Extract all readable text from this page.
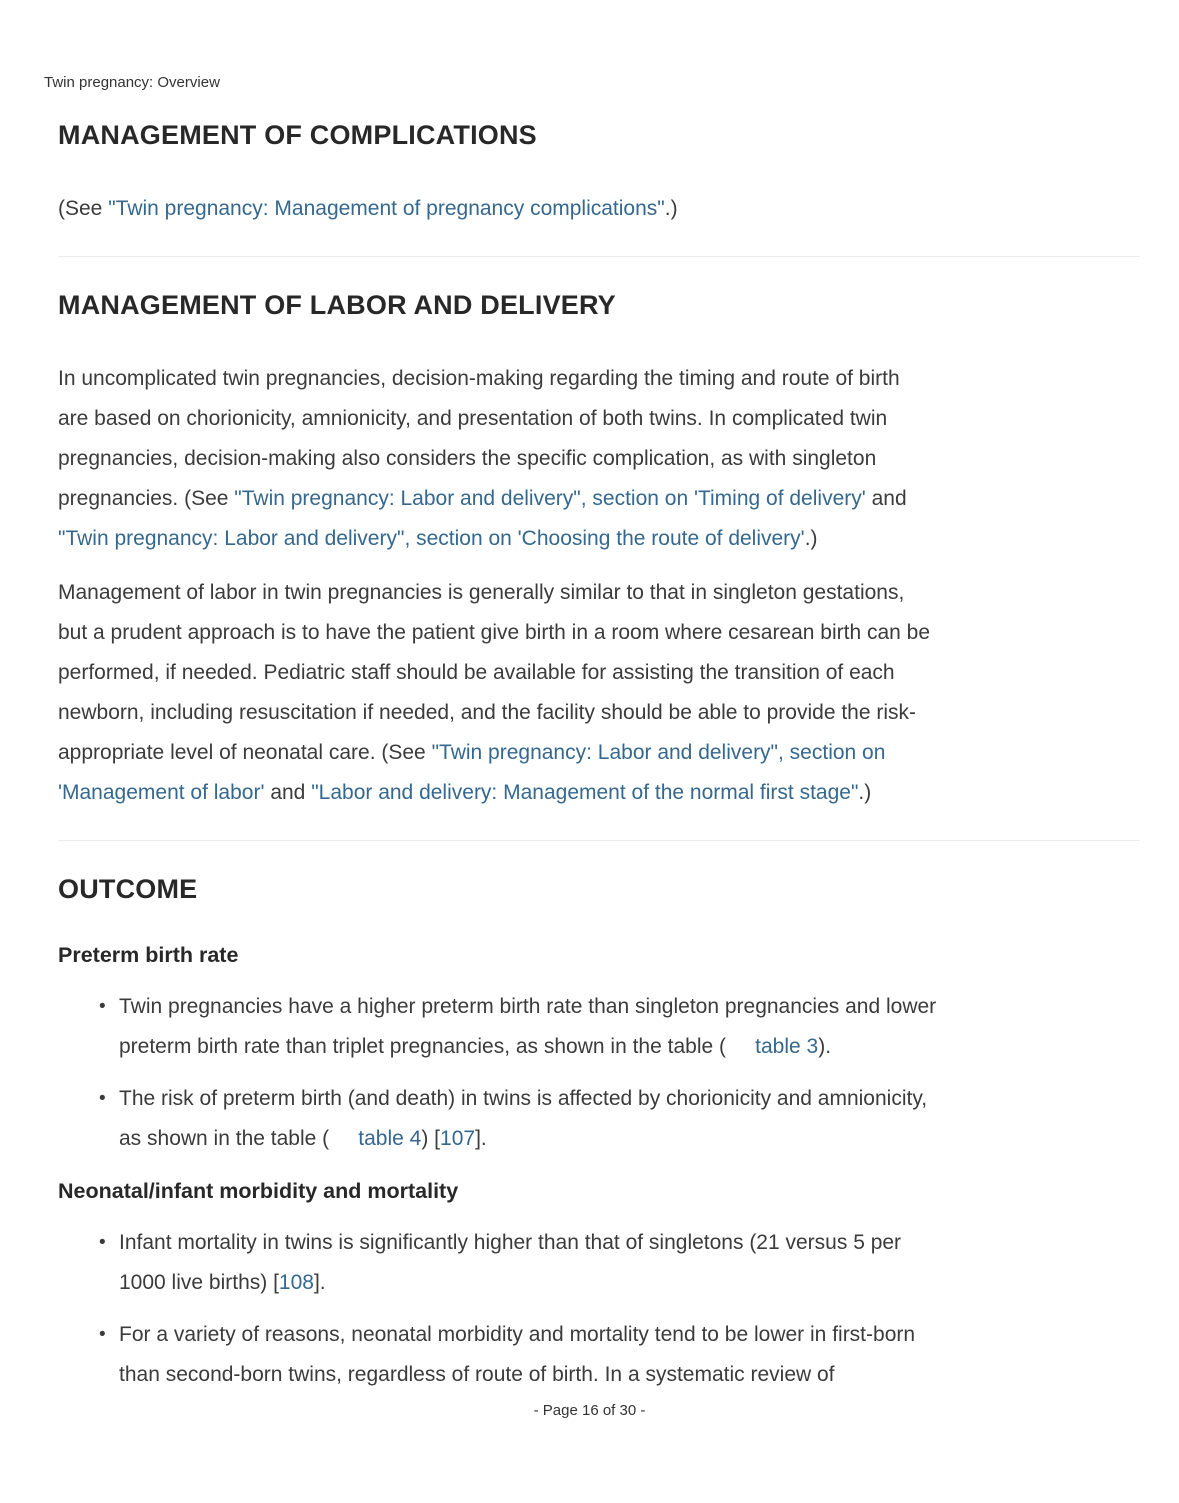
Twin pregnancy: Overview
MANAGEMENT OF COMPLICATIONS

(See "Twin pregnancy: Management of pregnancy complications".)

MANAGEMENT OF LABOR AND DELIVERY

In uncomplicated twin pregnancies, decision-making regarding the timing and route of birth
are based on chorionicity, amnionicity, and presentation of both twins. In complicated twin
pregnancies, decision-making also considers the specific complication, as with singleton
pregnancies. (See "Twin pregnancy: Labor and delivery", section on 'Timing of delivery' and
"Twin pregnancy: Labor and delivery", section on 'Choosing the route of delivery'.)

Management of labor in twin pregnancies is generally similar to that in singleton gestations,
but a prudent approach is to have the patient give birth in a room where cesarean birth can be
performed, if needed. Pediatric staff should be available for assisting the transition of each
newborn, including resuscitation if needed, and the facility should be able to provide the risk-
appropriate level of neonatal care. (See "Twin pregnancy: Labor and delivery", section on
'Management of labor' and "Labor and delivery: Management of the normal first stage".)

OUTCOME
Preterm birth rate
• Twin pregnancies have a higher preterm birth rate than singleton pregnancies and lower
preterm birth rate than triplet pregnancies, as shown in the table (     table 3).
• The risk of preterm birth (and death) in twins is affected by chorionicity and amnionicity,
as shown in the table (     table 4) [107].
Neonatal/infant morbidity and mortality
• Infant mortality in twins is significantly higher than that of singletons (21 versus 5 per
1000 live births) [108].
• For a variety of reasons, neonatal morbidity and mortality tend to be lower in first-born
than second-born twins, regardless of route of birth. In a systematic review of
- Page 16 of 30 -
